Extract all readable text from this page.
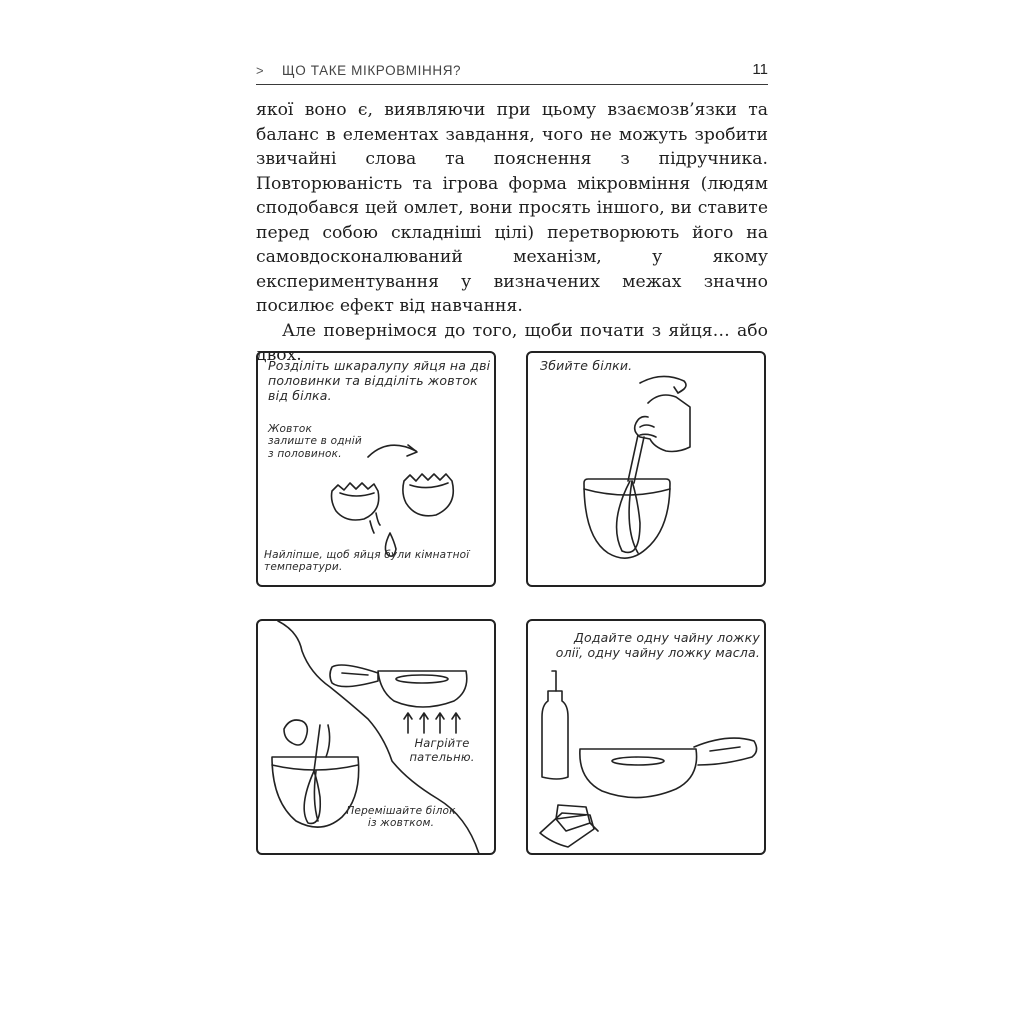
> ЩО ТАКЕ МІКРОВМІННЯ?	11

якої воно є, виявляючи при цьому взаємозв’язки та баланс в елементах завдання, чого не можуть зробити звичайні слова та пояснення з підручника. Повторюваність та ігрова форма мікровміння (людям сподобався цей омлет, вони просять іншого, ви ставите перед собою складніші цілі) перетворюють його на самовдосконалюваний механізм, у якому експериментування у визначених межах значно посилює ефект від навчання.

Але повернімося до того, щоби почати з яйця… або двох.

Розділіть шкаралупу яйця на дві половинки та відділіть жовток від білка.
Жовток залиште в одній з половинок.
Найліпше, щоб яйця були кімнатної температури.
Збийте білки.
Нагрійте пательню.
Перемішайте білок із жовтком.
Додайте одну чайну ложку олії, одну чайну ложку масла.
